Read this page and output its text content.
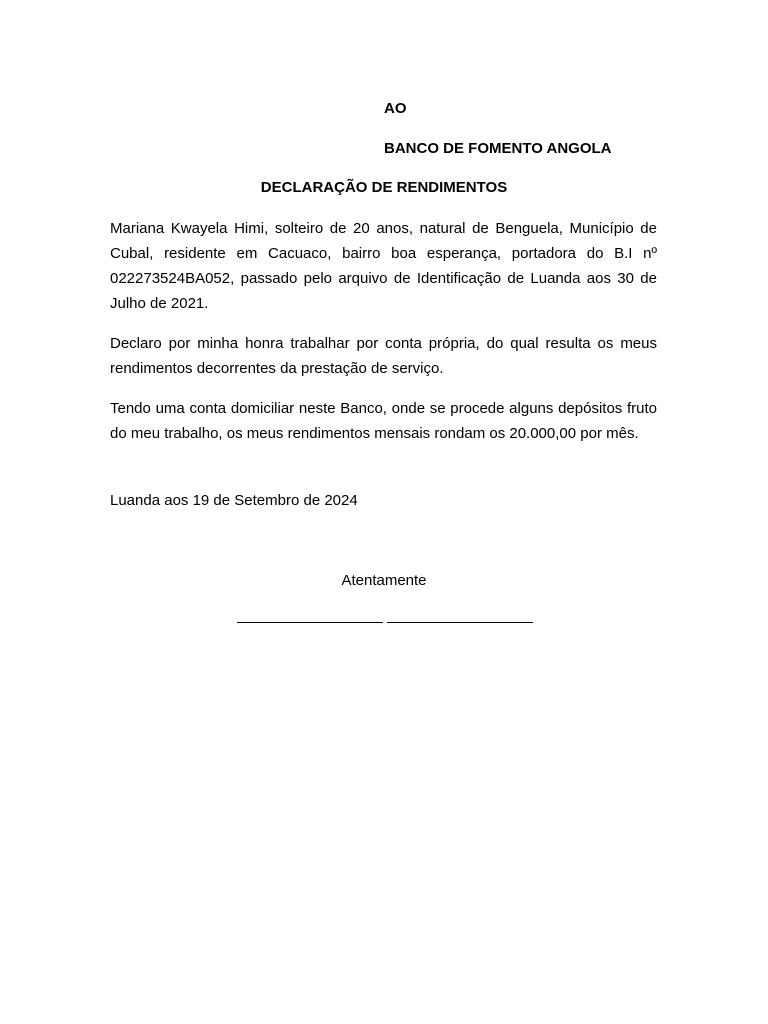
AO
BANCO DE FOMENTO ANGOLA
DECLARAÇÃO DE RENDIMENTOS

Mariana Kwayela Himi, solteiro de 20 anos, natural de Benguela, Município de Cubal, residente em Cacuaco, bairro boa esperança, portadora do B.I nº 022273524BA052, passado pelo arquivo de Identificação de Luanda aos 30 de Julho de 2021.

Declaro por minha honra trabalhar por conta própria, do qual resulta os meus rendimentos decorrentes da prestação de serviço.

Tendo uma conta domiciliar neste Banco, onde se procede alguns depósitos fruto do meu trabalho, os meus rendimentos mensais rondam os 20.000,00 por mês.

Luanda aos 19 de Setembro de 2024

Atentamente
